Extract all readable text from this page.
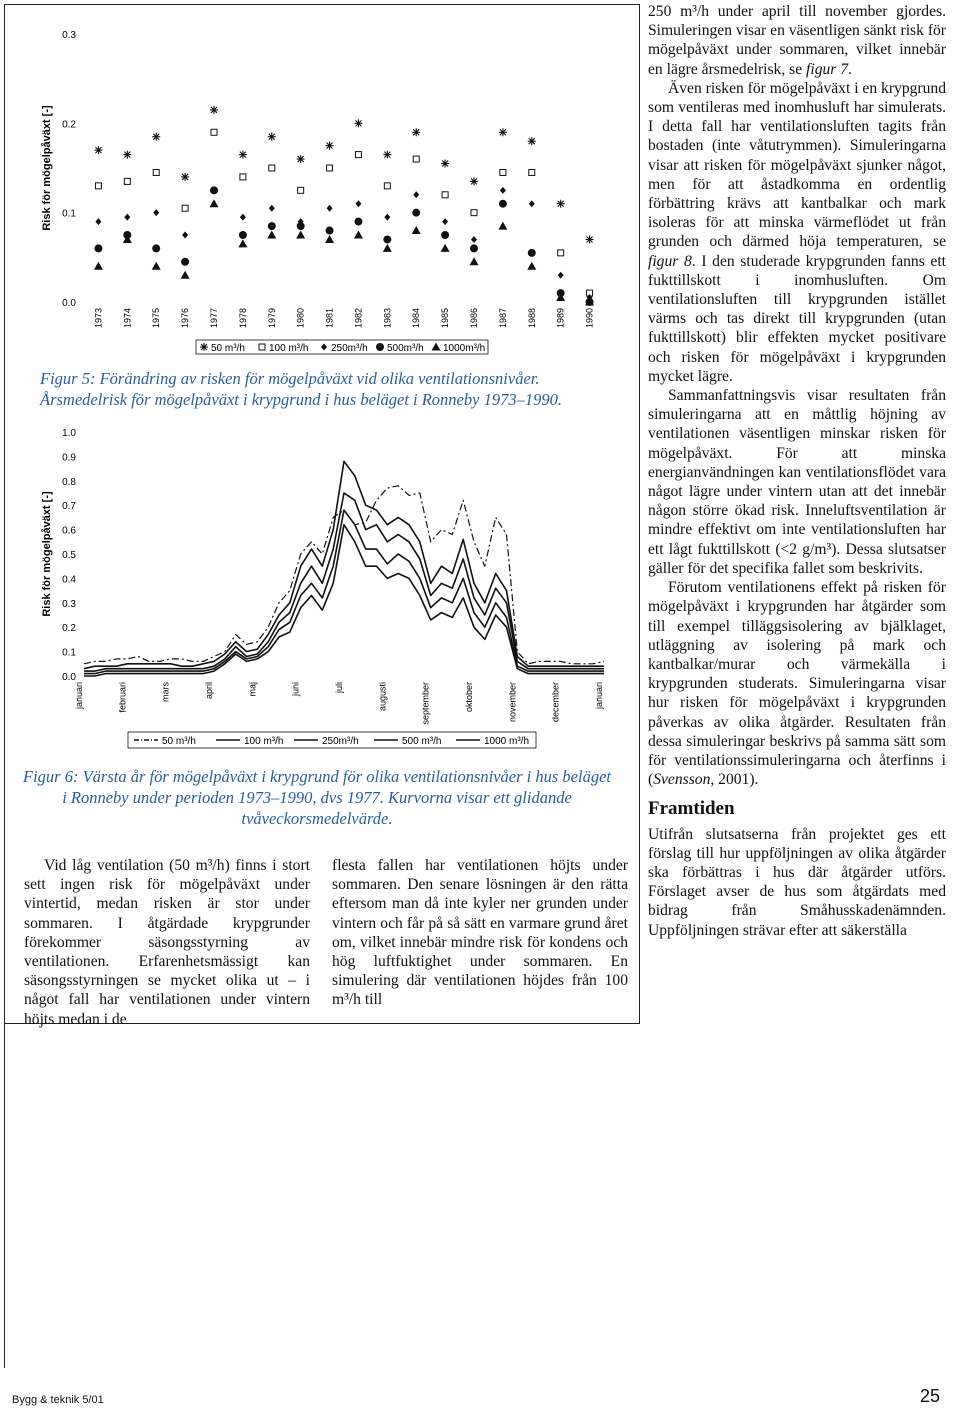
Risk för mögelpåväxt [-]
0.0
0.1
0.2
0.3
1973 1974 1975 1976 1977 1978 1979 1980 1981 1982 1983 1984 1985 1986 1987 1988 1989 1990
50 m³/h 100 m³/h 250m³/h 500m³/h 1000m³/h
Figur 5: Förändring av risken för mögelpåväxt vid olika ventilationsnivåer. Årsmedelrisk för mögelpåväxt i krypgrund i hus beläget i Ronneby 1973–1990.
Risk för mögelpåväxt [-]
0.0
0.1
0.2
0.3
0.4
0.5
0.6
0.7
0.8
0.9
1.0
januari	februari	mars	april	maj	juni	juli	augusti	september	oktober	november	december	januari
50 m³/h	100 m³/h	250m³/h	500 m³/h	1000 m³/h
Figur 6: Värsta år för mögelpåväxt i krypgrund för olika ventilationsnivåer i hus beläget i Ronneby under perioden 1973–1990, dvs 1977. Kurvorna visar ett glidande tvåveckorsmedelvärde.

Vid låg ventilation (50 m³/h) finns i stort sett ingen risk för mögelpåväxt under vintertid, medan risken är stor under sommaren. I åtgärdade krypgrunder förekommer säsongsstyrning av ventilationen. Erfarenhetsmässigt kan säsongsstyrningen se mycket olika ut – i något fall har ventilationen under vintern höjts medan i de

flesta fallen har ventilationen höjts under sommaren. Den senare lösningen är den rätta eftersom man då inte kyler ner grunden under vintern och får på så sätt en varmare grund året om, vilket innebär mindre risk för kondens och hög luftfuktighet under sommaren. En simulering där ventilationen höjdes från 100 m³/h till

250 m³/h under april till november gjordes. Simuleringen visar en väsentligen sänkt risk för mögelpåväxt under sommaren, vilket innebär en lägre årsmedelrisk, se figur 7.

Även risken för mögelpåväxt i en krypgrund som ventileras med inomhusluft har simulerats. I detta fall har ventilationsluften tagits från bostaden (inte våtutrymmen). Simuleringarna visar att risken för mögelpåväxt sjunker något, men för att åstadkomma en ordentlig förbättring krävs att kantbalkar och mark isoleras för att minska värmeflödet ut från grunden och därmed höja temperaturen, se figur 8. I den studerade krypgrunden fanns ett fukttillskott i inomhusluften. Om ventilationsluften till krypgrunden istället värms och tas direkt till krypgrunden (utan fukttillskott) blir effekten mycket positivare och risken för mögelpåväxt i krypgrunden mycket lägre.

Sammanfattningsvis visar resultaten från simuleringarna att en måttlig höjning av ventilationen väsentligen minskar risken för mögelpåväxt. För att minska energianvändningen kan ventilationsflödet vara något lägre under vintern utan att det innebär någon större ökad risk. Inneluftsventilation är mindre effektivt om inte ventilationsluften har ett lågt fukttillskott (<2 g/m³). Dessa slutsatser gäller för det specifika fallet som beskrivits.

Förutom ventilationens effekt på risken för mögelpåväxt i krypgrunden har åtgärder som till exempel tilläggsisolering av bjälklaget, utläggning av isolering på mark och kantbalkar/murar och värmekälla i krypgrunden studerats. Simuleringarna visar hur risken för mögelpåväxt i krypgrunden påverkas av olika åtgärder. Resultaten från dessa simuleringar beskrivs på samma sätt som för ventilationssimuleringarna och återfinns i (Svensson, 2001).

Framtiden

Utifrån slutsatserna från projektet ges ett förslag till hur uppföljningen av olika åtgärder ska förbättras i hus där åtgärder utförs. Förslaget avser de hus som åtgärdats med bidrag från Småhusskadenämnden. Uppföljningen strävar efter att säkerställa

Bygg & teknik 5/01	25
